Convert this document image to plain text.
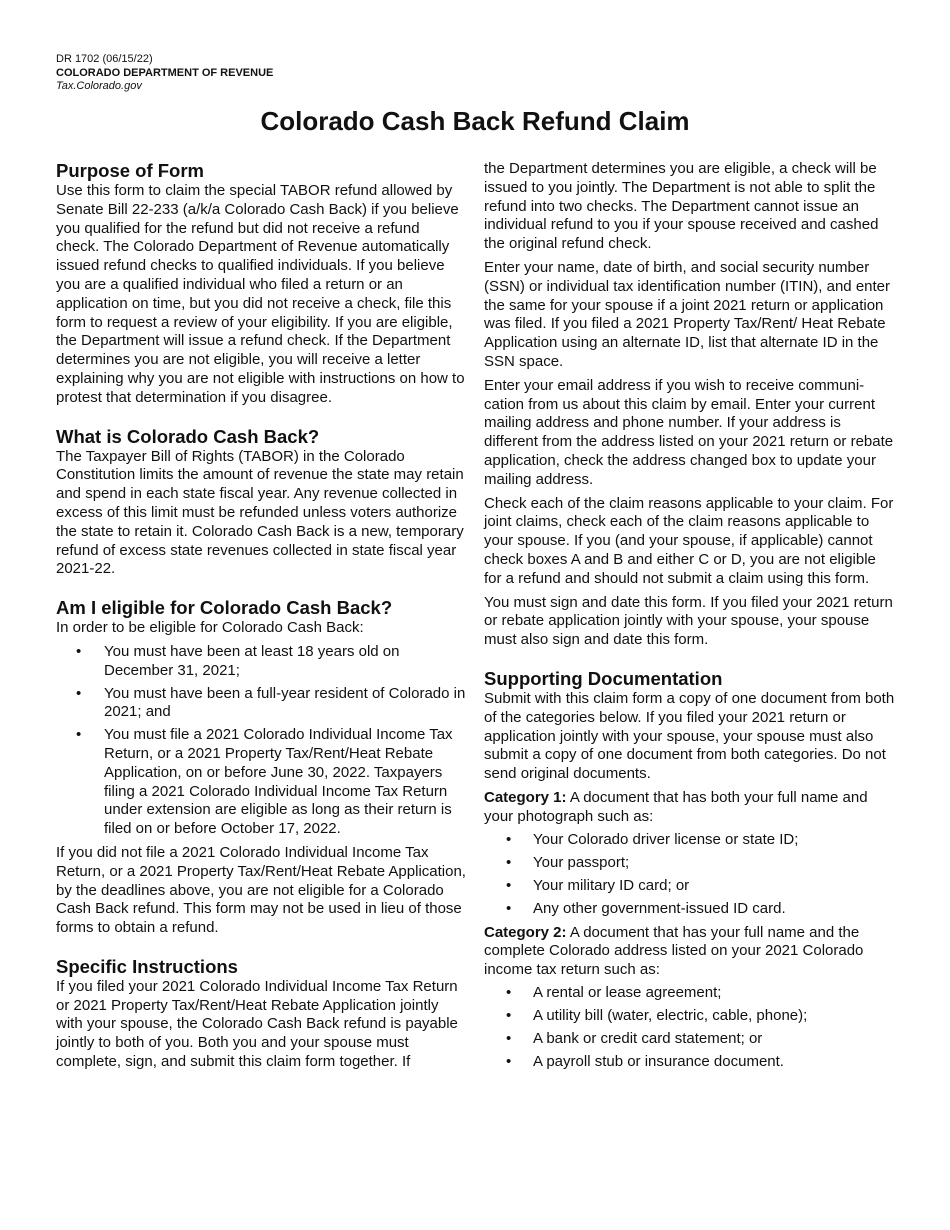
DR 1702 (06/15/22)
COLORADO DEPARTMENT OF REVENUE
Tax.Colorado.gov
Colorado Cash Back Refund Claim
Purpose of Form

Use this form to claim the special TABOR refund allowed by Senate Bill 22-233 (a/k/a Colorado Cash Back) if you believe you qualified for the refund but did not receive a refund check. The Colorado Department of Revenue automatically issued refund checks to qualified individuals. If you believe you are a qualified individual who filed a return or an application on time, but you did not receive a check, file this form to request a review of your eligibility. If you are eligible, the Department will issue a refund check. If the Department determines you are not eligible, you will receive a letter explaining why you are not eligible with instructions on how to protest that determination if you disagree.

What is Colorado Cash Back?

The Taxpayer Bill of Rights (TABOR) in the Colorado Constitution limits the amount of revenue the state may retain and spend in each state fiscal year. Any revenue collected in excess of this limit must be refunded unless voters authorize the state to retain it. Colorado Cash Back is a new, temporary refund of excess state revenues collected in state fiscal year 2021-22.

Am I eligible for Colorado Cash Back?

In order to be eligible for Colorado Cash Back:

• You must have been at least 18 years old on December 31, 2021;
• You must have been a full-year resident of Colorado in 2021; and
• You must file a 2021 Colorado Individual Income Tax Return, or a 2021 Property Tax/Rent/Heat Rebate Application, on or before June 30, 2022. Taxpayers filing a 2021 Colorado Individual Income Tax Return under extension are eligible as long as their return is filed on or before October 17, 2022.

If you did not file a 2021 Colorado Individual Income Tax Return, or a 2021 Property Tax/Rent/Heat Rebate Application, by the deadlines above, you are not eligible for a Colorado Cash Back refund. This form may not be used in lieu of those forms to obtain a refund.

Specific Instructions

If you filed your 2021 Colorado Individual Income Tax Return or 2021 Property Tax/Rent/Heat Rebate Application jointly with your spouse, the Colorado Cash Back refund is payable jointly to both of you. Both you and your spouse must complete, sign, and submit this claim form together. If

the Department determines you are eligible, a check will be issued to you jointly. The Department is not able to split the refund into two checks. The Department cannot issue an individual refund to you if your spouse received and cashed the original refund check.

Enter your name, date of birth, and social security number (SSN) or individual tax identification number (ITIN), and enter the same for your spouse if a joint 2021 return or application was filed. If you filed a 2021 Property Tax/Rent/ Heat Rebate Application using an alternate ID, list that alternate ID in the SSN space.

Enter your email address if you wish to receive communication from us about this claim by email. Enter your current mailing address and phone number. If your address is different from the address listed on your 2021 return or rebate application, check the address changed box to update your mailing address.

Check each of the claim reasons applicable to your claim. For joint claims, check each of the claim reasons applicable to your spouse. If you (and your spouse, if applicable) cannot check boxes A and B and either C or D, you are not eligible for a refund and should not submit a claim using this form.

You must sign and date this form. If you filed your 2021 return or rebate application jointly with your spouse, your spouse must also sign and date this form.

Supporting Documentation

Submit with this claim form a copy of one document from both of the categories below. If you filed your 2021 return or application jointly with your spouse, your spouse must also submit a copy of one document from both categories. Do not send original documents.

Category 1: A document that has both your full name and your photograph such as:

• Your Colorado driver license or state ID;
• Your passport;
• Your military ID card; or
• Any other government-issued ID card.

Category 2: A document that has your full name and the complete Colorado address listed on your 2021 Colorado income tax return such as:

• A rental or lease agreement;
• A utility bill (water, electric, cable, phone);
• A bank or credit card statement; or
• A payroll stub or insurance document.
